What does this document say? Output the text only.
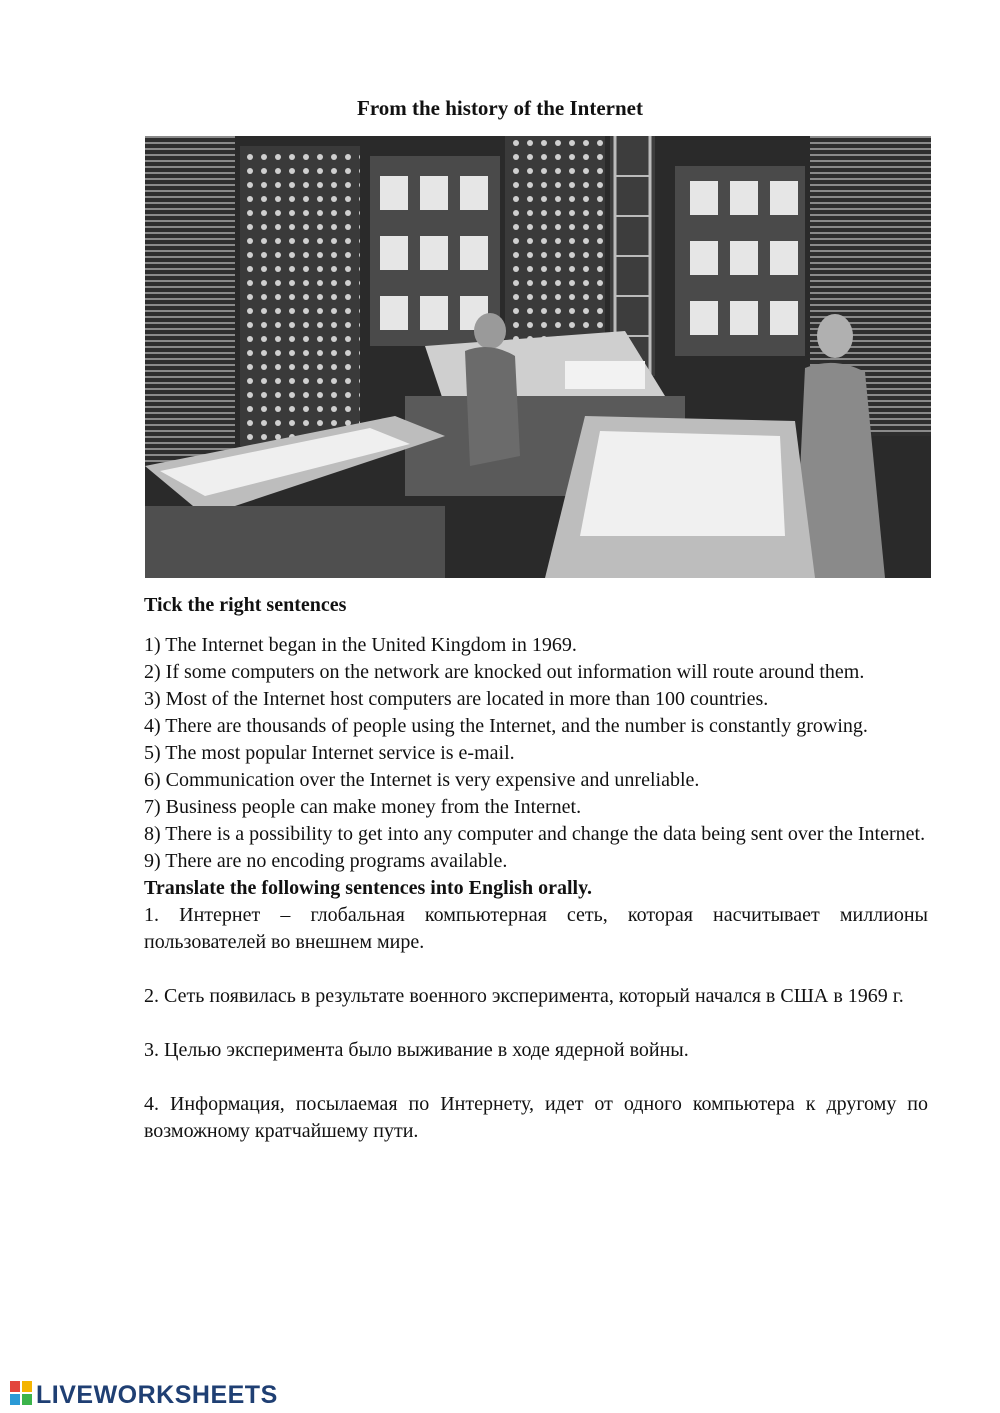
From the history of the Internet
Tick the right sentences

1) The Internet began in the United Kingdom in 1969.

2) If some computers on the network are knocked out information will route around them.

3) Most of the Internet host computers are located in more than 100 countries.

4) There are thousands of people using the Internet, and the number is constantly growing.

5) The most popular Internet service is e-mail.

6) Communication over the Internet is very expensive and unreliable.

7) Business people can make money from the Internet.

8) There is a possibility to get into any computer and change the data being sent over the Internet.

9) There are no encoding programs available.

Translate the following sentences into English orally.

1. Интернет – глобальная компьютерная сеть, которая насчитывает миллионы пользователей во внешнем мире.

2. Сеть появилась в результате военного эксперимента, который начался в США в 1969 г.

3. Целью эксперимента было выживание в ходе ядерной войны.

4. Информация, посылаемая по Интернету, идет от одного компьютера к другому по возможному кратчайшему пути.

LIVEWORKSHEETS
